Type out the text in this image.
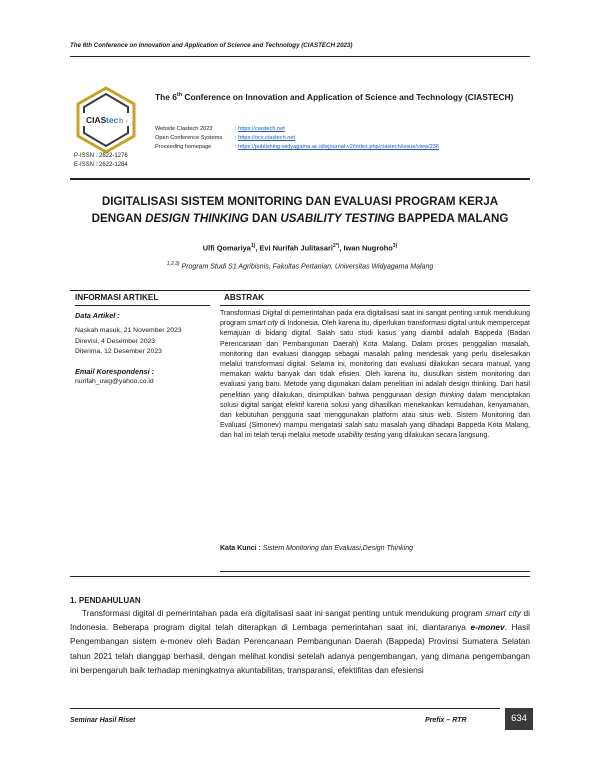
The 6th Conference on Innovation and Application of Science and Technology (CIASTECH 2023)
CIAS tec h -
P-ISSN : 2622-1276
E-ISSN : 2622-1284
The 6th Conference on Innovation and Application of Science and Technology (CIASTECH)
Website Ciastech 2023	: https://ciastech.net
Open Conference Systems : https://ocs.ciastech.net
Proceeding homepage	: https://publishing-widyagama.ac.id/ejournal-v2/index.php/ciastech/issue/view/236
DIGITALISASI SISTEM MONITORING DAN EVALUASI PROGRAM KERJA
DENGAN DESIGN THINKING DAN USABILITY TESTING BAPPEDA MALANG
Ulfi Qomariya$^{1)}$, Evi Nurifah Julitasari$^{2*)}$, Iwan Nugroho$^{3)}$
$^{1,2,3)}$ Program Studi S1 Agribisnis, Fakultas Pertanian, Universitas Widyagama Malang
INFORMASI ARTIKEL	ABSTRAK
Data Artikel :
Naskah masuk, 21 November 2023
Direvisi, 4 Desember 2023
Diterima, 12 Desember 2023
Email Korespondensi :
nurifah_uwg@yahoo.co.id
Transformasi Digital di pemerintahan pada era digitalisasi saat ini sangat penting untuk mendukung program smart city di Indonesia. Oleh karena itu, diperlukan transformasi digital untuk mempercepat kemajuan di bidang digital. Salah satu studi kasus yang diambil adalah Bappeda (Badan Perencanaan dan Pembangunan Daerah) Kota Malang. Dalam proses penggalian masalah, monitoring dan evaluasi dianggap sebagai masalah paling mendesak yang perlu diselesaikan melalui transformasi digital. Selama ini, monitoring dan evaluasi dilakukan secara manual, yang memakan waktu banyak dan tidak efisien. Oleh karena itu, diusulkan sistem monitoring dan evaluasi yang baru. Metode yang digunakan dalam penelitian ini adalah design thinking. Dari hasil penelitian yang dilakukan, disimpulkan bahwa penggunaan design thinking dalam menciptakan solusi digital sangat efektif karena solusi yang dihasilkan menekankan kemudahan, kenyamanan, dan kebutuhan pengguna saat menggunakan platform atau situs web. Sistem Monitoring dan Evaluasi (Simonev) mampu mengatasi salah satu masalah yang dihadapi Bappeda Kota Malang, dan hal ini telah teruji melalui metode usability testing yang dilakukan secara langsung.
Kata Kunci : Sistem Monitoring dan Evaluasi,Design Thinking
1. PENDAHULUAN
Transformasi digital di pemerintahan pada era digitalisasi saat ini sangat penting untuk mendukung program smart city di Indonesia. Beberapa program digital telah diterapkan di Lembaga pemerintahan saat ini, diantaranya e-monev. Hasil Pengembangan sistem e-monev oleh Badan Perencanaan Pembangunan Daerah (Bappeda) Provinsi Sumatera Selatan tahun 2021 telah dianggap berhasil, dengan melihat kondisi setelah adanya pengembangan, yang dimana pengembangan ini berpengaruh baik terhadap meningkatnya akuntabilitas, transparansi, efektifitas dan efesiensi
Seminar Hasil Riset	Prefix – RTR	634
